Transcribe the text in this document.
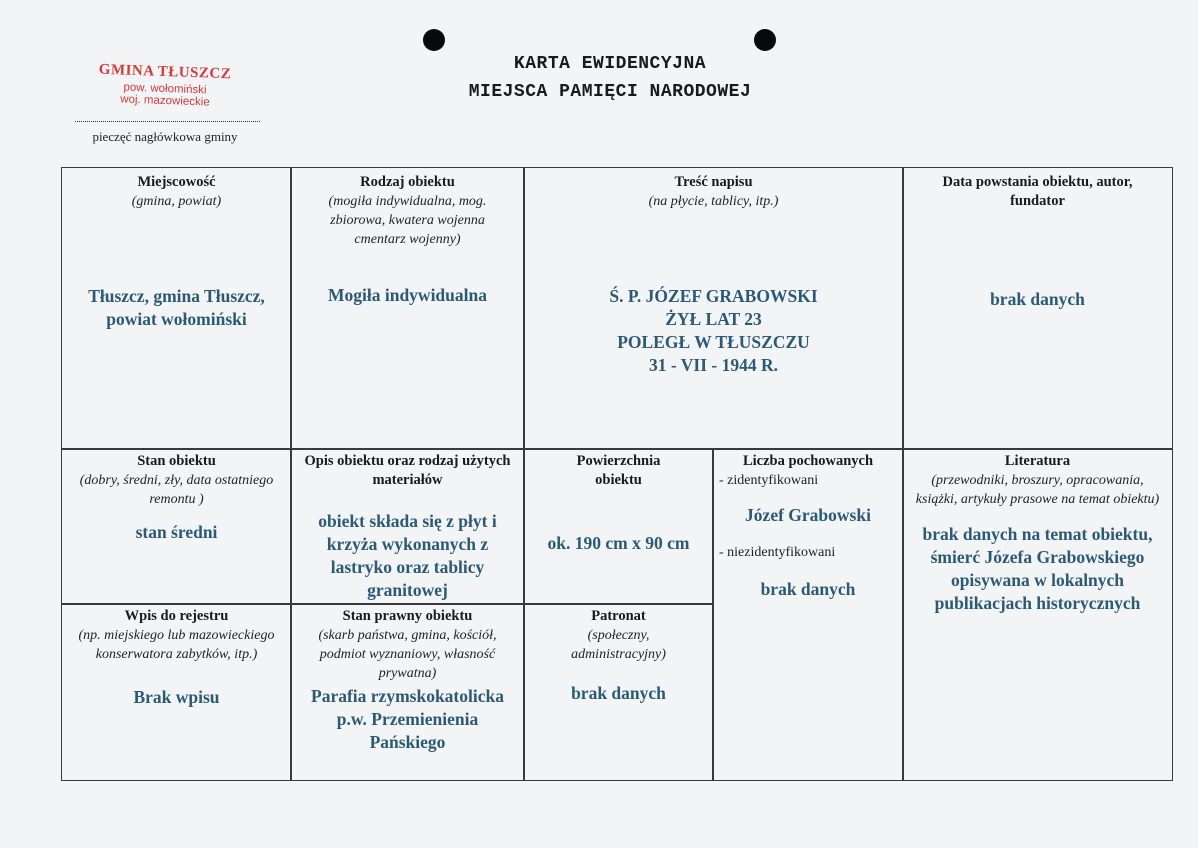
GMINA TŁUSZCZ
pow. wołomiński
woj. mazowieckie
pieczęć nagłówkowa gminy
KARTA EWIDENCYJNA
MIEJSCA PAMIĘCI NARODOWEJ
Miejscowość
(gmina, powiat)
Tłuszcz, gmina Tłuszcz, powiat wołomiński
Rodzaj obiektu
(mogiła indywidualna, mog. zbiorowa, kwatera wojenna cmentarz wojenny)
Mogiła indywidualna
Treść napisu
(na płycie, tablicy, itp.)
Ś. P. JÓZEF GRABOWSKI
ŻYŁ LAT 23
POLEGŁ W TŁUSZCZU
31 - VII - 1944 R.
Data powstania obiektu, autor, fundator
brak danych
Stan obiektu
(dobry, średni, zły, data ostatniego remontu )
stan średni
Opis obiektu oraz rodzaj użytych materiałów
obiekt składa się z płyt i krzyża wykonanych z lastryko oraz tablicy granitowej
Powierzchnia obiektu
ok. 190 cm x 90 cm
Liczba pochowanych
- zidentyfikowani
Józef Grabowski
- niezidentyfikowani
brak danych
Literatura
(przewodniki, broszury, opracowania, książki, artykuły prasowe na temat obiektu)
brak danych na temat obiektu, śmierć Józefa Grabowskiego opisywana w lokalnych publikacjach historycznych
Wpis do rejestru
(np. miejskiego lub mazowieckiego konserwatora zabytków, itp.)
Brak wpisu
Stan prawny obiektu
(skarb państwa, gmina, kościół, podmiot wyznaniowy, własność prywatna)
Parafia rzymskokatolicka p.w. Przemienienia Pańskiego
Patronat
(społeczny, administracyjny)
brak danych
